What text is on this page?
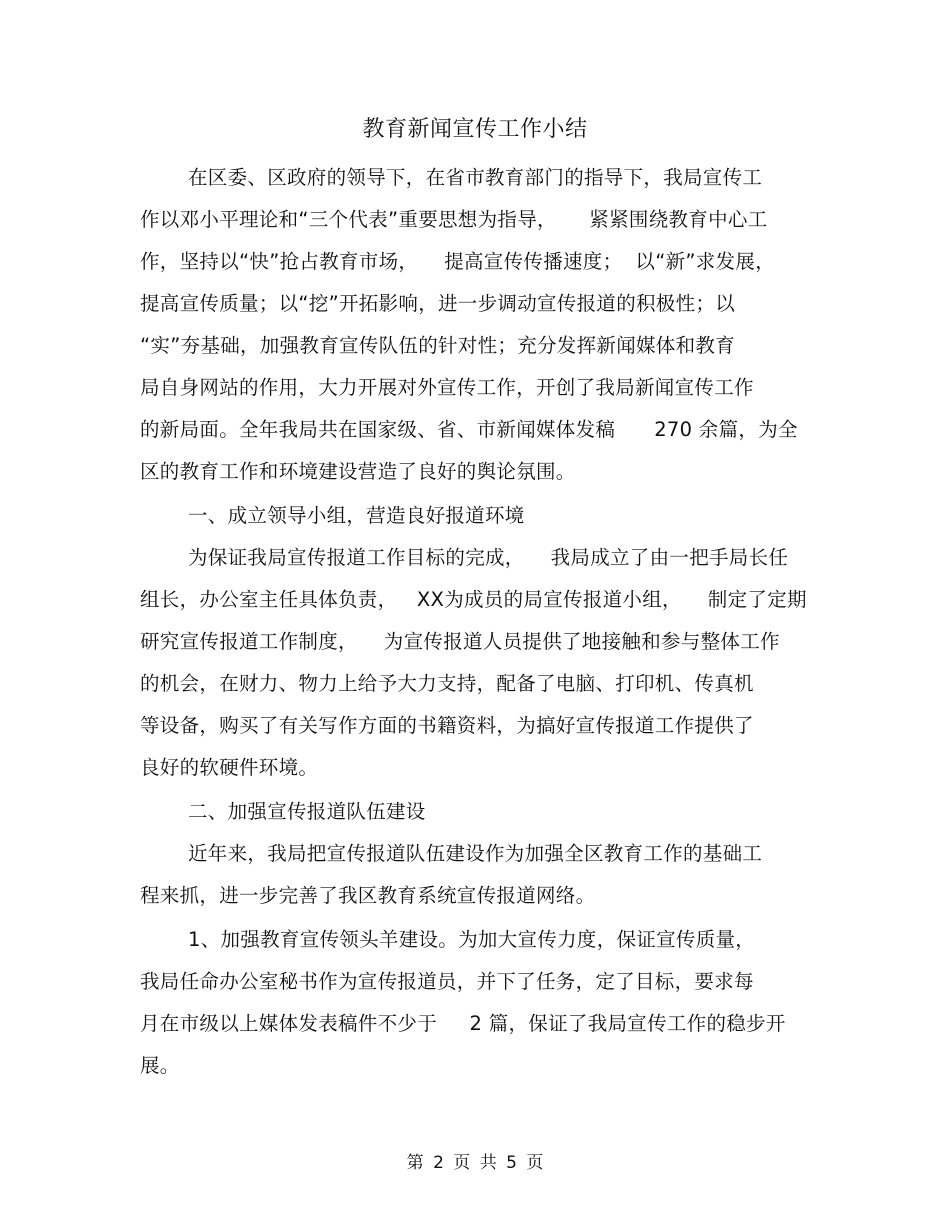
教育新闻宣传工作小结
在区委、区政府的领导下，在省市教育部门的指导下，我局宣传工
作以邓小平理论和“三个代表”重要思想为指导，     紧紧围绕教育中心工
作，坚持以“快”抢占教育市场，    提高宣传传播速度；  以“新”求发展，
提高宣传质量；以“挖”开拓影响，进一步调动宣传报道的积极性；以
“实”夯基础，加强教育宣传队伍的针对性；充分发挥新闻媒体和教育
局自身网站的作用，大力开展对外宣传工作，开创了我局新闻宣传工作
的新局面。全年我局共在国家级、省、市新闻媒体发稿      270 余篇，为全
区的教育工作和环境建设营造了良好的舆论氛围。
一、成立领导小组，营造良好报道环境
为保证我局宣传报道工作目标的完成，    我局成立了由一把手局长任
组长，办公室主任具体负责，   XX为成员的局宣传报道小组，    制定了定期
研究宣传报道工作制度，    为宣传报道人员提供了地接触和参与整体工作
的机会，在财力、物力上给予大力支持，配备了电脑、打印机、传真机
等设备，购买了有关写作方面的书籍资料，为搞好宣传报道工作提供了
良好的软硬件环境。
二、加强宣传报道队伍建设
近年来，我局把宣传报道队伍建设作为加强全区教育工作的基础工
程来抓，进一步完善了我区教育系统宣传报道网络。
1、加强教育宣传领头羊建设。为加大宣传力度，保证宣传质量，
我局任命办公室秘书作为宣传报道员，并下了任务，定了目标，要求每
月在市级以上媒体发表稿件不少于     2 篇，保证了我局宣传工作的稳步开
展。
第 2 页 共 5 页
